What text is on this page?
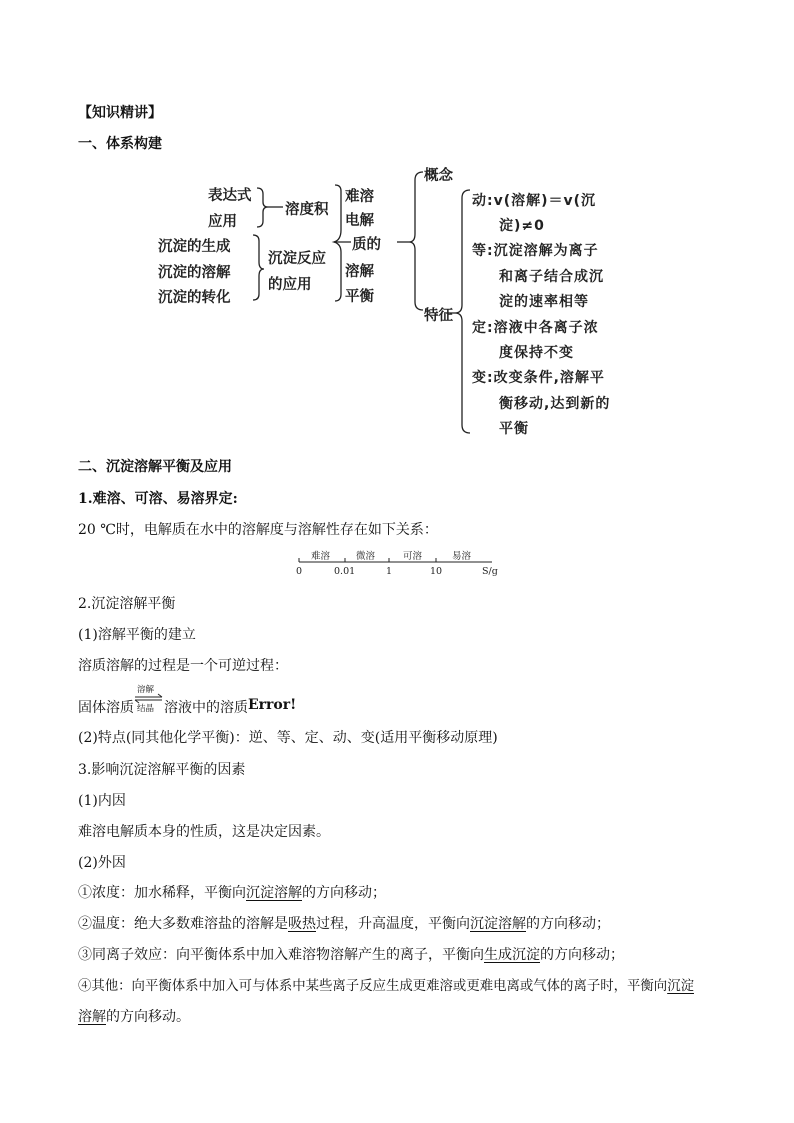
【知识精讲】
一、体系构建
表达式
应用
溶度积
沉淀的生成
沉淀的溶解
沉淀的转化
沉淀反应
的应用
难溶
电解
质的
溶解
平衡
概念
特征
动:v(溶解)＝v(沉
淀)≠0
等:沉淀溶解为离子
和离子结合成沉
淀的速率相等
定:溶液中各离子浓
度保持不变
变:改变条件,溶解平
衡移动,达到新的
平衡
二、沉淀溶解平衡及应用
1.难溶、可溶、易溶界定:
20 ℃时，电解质在水中的溶解度与溶解性存在如下关系：
难溶	微溶	可溶	易溶
0	0.01	1	10	S/g
2.沉淀溶解平衡
(1)溶解平衡的建立
溶质溶解的过程是一个可逆过程：
固体溶质
溶解
结晶 溶液中的溶质 Error!
(2)特点(同其他化学平衡)：逆、等、定、动、变(适用平衡移动原理)
3.影响沉淀溶解平衡的因素
(1)内因
难溶电解质本身的性质，这是决定因素。
(2)外因
①浓度：加水稀释，平衡向沉淀溶解的方向移动；
②温度：绝大多数难溶盐的溶解是吸热过程，升高温度，平衡向沉淀溶解的方向移动；
③同离子效应：向平衡体系中加入难溶物溶解产生的离子，平衡向生成沉淀的方向移动；
④其他：向平衡体系中加入可与体系中某些离子反应生成更难溶或更难电离或气体的离子时，平衡向沉淀
溶解的方向移动。
